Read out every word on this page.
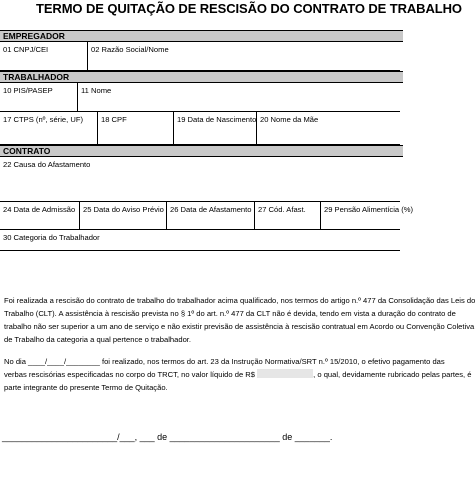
TERMO DE QUITAÇÃO DE RESCISÃO DO CONTRATO DE TRABALHO
EMPREGADOR
01 CNPJ/CEI	02 Razão Social/Nome
TRABALHADOR
10 PIS/PASEP	11 Nome
17 CTPS (nº, série, UF)	18 CPF	19 Data de Nascimento 20 Nome da Mãe
CONTRATO
22 Causa do Afastamento
24 Data de Admissão	25 Data do Aviso Prévio 26 Data de Afastamento 27 Cód. Afast.	29 Pensão Alimentícia (%)
30 Categoria do Trabalhador
Foi realizada a rescisão do contrato de trabalho do trabalhador acima qualificado, nos termos do artigo n.º 477 da Consolidação das Leis do
Trabalho (CLT). A assistência à rescisão prevista no § 1º do art. n.º 477 da CLT não é devida, tendo em vista a duração do contrato de
trabalho não ser superior a um ano de serviço e não existir previsão de assistência à rescisão contratual em Acordo ou Convenção Coletiva
de Trabalho da categoria a qual pertence o trabalhador.
No dia ____/____/________ foi realizado, nos termos do art. 23 da Instrução Normativa/SRT n.º 15/2010, o efetivo pagamento das
verbas rescisórias especificadas no corpo do TRCT, no valor líquido de R$	, o qual, devidamente rubricado pelas partes, é
parte integrante do presente Termo de Quitação.
_______________________/___, ___ de ______________________ de _______.
